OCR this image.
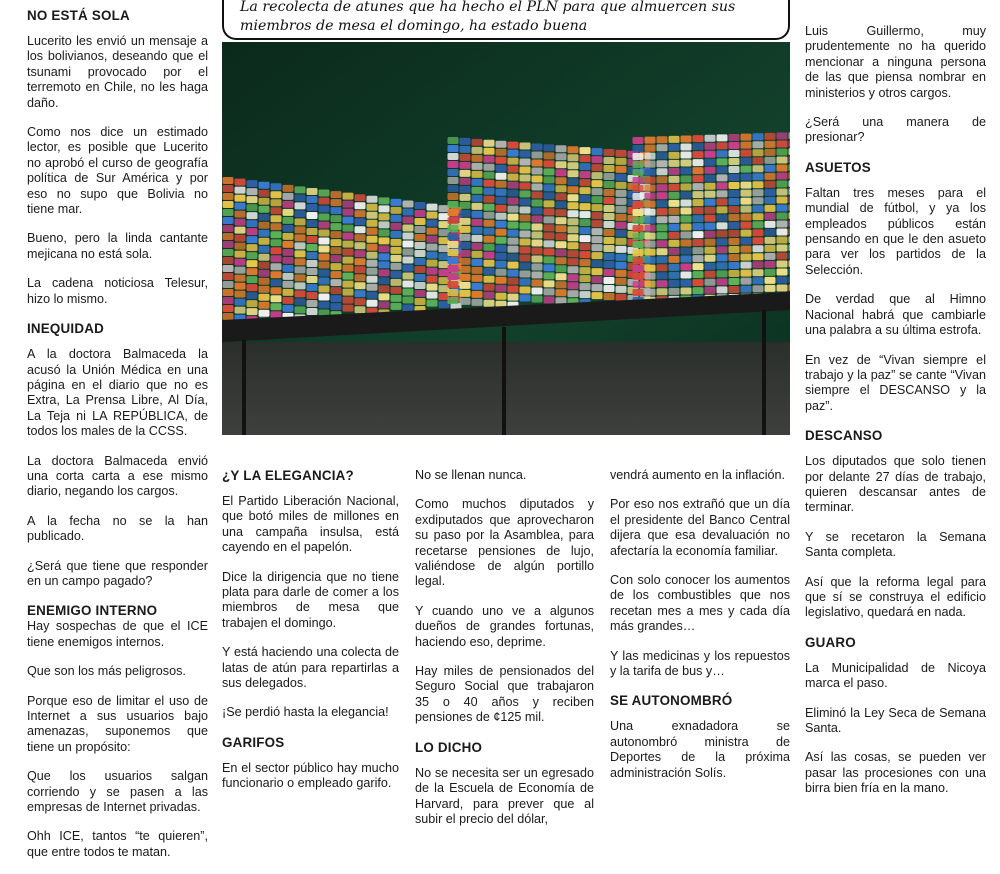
NO ESTÁ SOLA

Lucerito les envió un mensaje a los bolivianos, deseando que el tsunami provocado por el terremoto en Chile, no les haga daño.

Como nos dice un estimado lector, es posible que Lucerito no aprobó el curso de geografía política de Sur América y por eso no supo que Bolivia no tiene mar.

Bueno, pero la linda cantante mejicana no está sola.

La cadena noticiosa Telesur, hizo lo mismo.

INEQUIDAD

A la doctora Balmaceda la acusó la Unión Médica en una página en el diario que no es Extra, La Prensa Libre, Al Día, La Teja ni LA REPÚBLICA, de todos los males de la CCSS.

La doctora Balmaceda envió una corta carta a ese mismo diario, negando los cargos.

A la fecha no se la han publicado.

¿Será que tiene que responder en un campo pagado?

ENEMIGO INTERNO

Hay sospechas de que el ICE tiene enemigos internos.

Que son los más peligrosos.

Porque eso de limitar el uso de Internet a sus usuarios bajo amenazas, suponemos que tiene un propósito:

Que los usuarios salgan corriendo y se pasen a las empresas de Internet privadas.

Ohh ICE, tantos “te quieren”, que entre todos te matan.

La recolecta de atunes que ha hecho el PLN para que almuercen sus miembros de mesa el domingo, ha estado buena
¿Y LA ELEGANCIA?

El Partido Liberación Nacional, que botó miles de millones en una campaña insulsa, está cayendo en el papelón.

Dice la dirigencia que no tiene plata para darle de comer a los miembros de mesa que trabajen el domingo.

Y está haciendo una colecta de latas de atún para repartirlas a sus delegados.

¡Se perdió hasta la elegancia!

GARIFOS

En el sector público hay mucho funcionario o empleado garifo.

No se llenan nunca.

Como muchos diputados y exdiputados que aprovecharon su paso por la Asamblea, para recetarse pensiones de lujo, valiéndose de algún portillo legal.

Y cuando uno ve a algunos dueños de grandes fortunas, haciendo eso, deprime.

Hay miles de pensionados del Seguro Social que trabajaron 35 o 40 años y reciben pensiones de ¢125 mil.

LO DICHO

No se necesita ser un egresado de la Escuela de Economía de Harvard, para prever que al subir el precio del dólar,

vendrá aumento en la inflación.

Por eso nos extrañó que un día el presidente del Banco Central dijera que esa devaluación no afectaría la economía familiar.

Con solo conocer los aumentos de los combustibles que nos recetan mes a mes y cada día más grandes…

Y las medicinas y los repuestos y la tarifa de bus y…

SE AUTONOMBRÓ

Una exnadadora se autonombró ministra de Deportes de la próxima administración Solís.

Luis Guillermo, muy prudentemente no ha querido mencionar a ninguna persona de las que piensa nombrar en ministerios y otros cargos.

¿Será una manera de presionar?

ASUETOS

Faltan tres meses para el mundial de fútbol, y ya los empleados públicos están pensando en que le den asueto para ver los partidos de la Selección.

De verdad que al Himno Nacional habrá que cambiarle una palabra a su última estrofa.

En vez de “Vivan siempre el trabajo y la paz” se cante “Vivan siempre el DESCANSO y la paz”.

DESCANSO

Los diputados que solo tienen por delante 27 días de trabajo, quieren descansar antes de terminar.

Y se recetaron la Semana Santa completa.

Así que la reforma legal para que sí se construya el edificio legislativo, quedará en nada.

GUARO

La Municipalidad de Nicoya marca el paso.

Eliminó la Ley Seca de Semana Santa.

Así las cosas, se pueden ver pasar las procesiones con una birra bien fría en la mano.
